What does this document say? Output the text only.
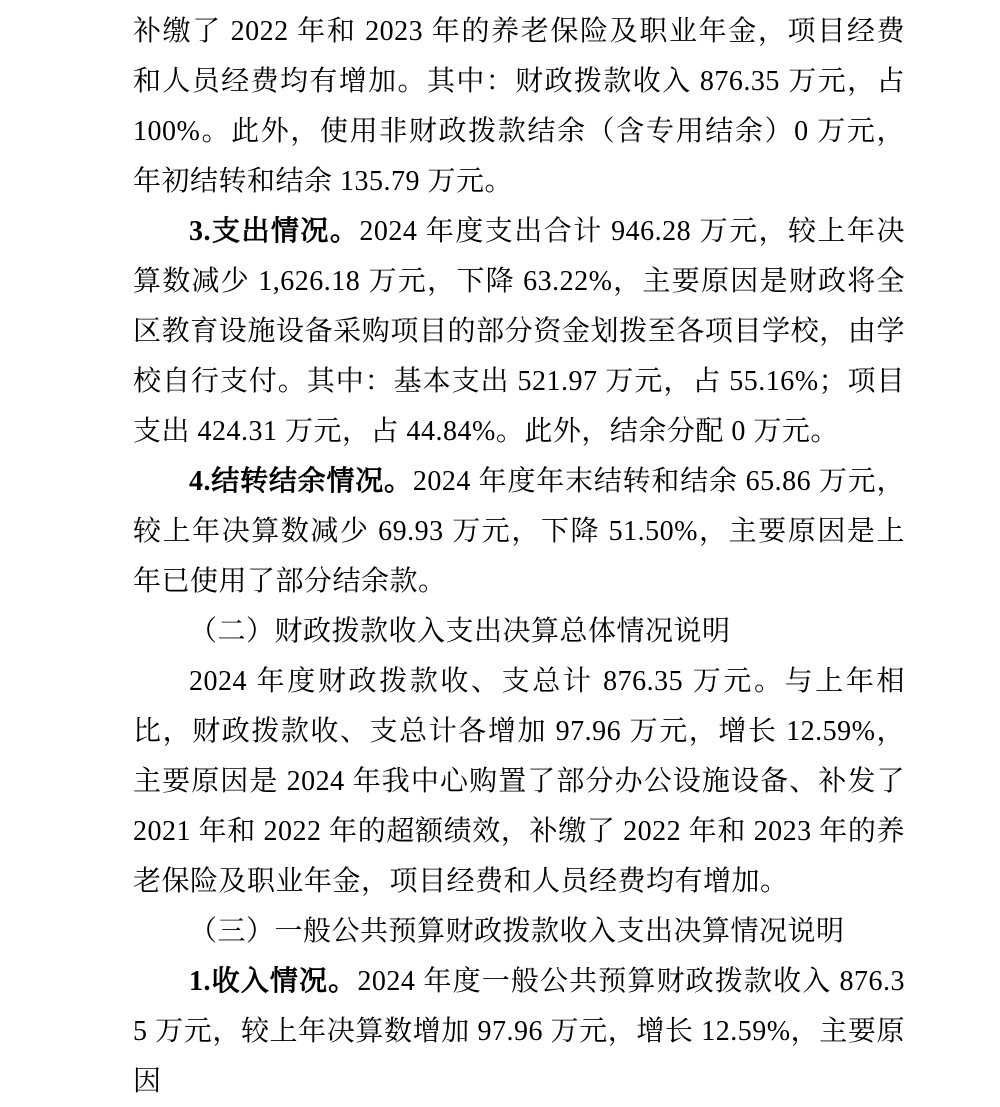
补缴了 2022 年和 2023 年的养老保险及职业年金，项目经费和人员经费均有增加。其中：财政拨款收入 876.35 万元，占 100%。此外，使用非财政拨款结余（含专用结余）0 万元，年初结转和结余 135.79 万元。

3.支出情况。2024 年度支出合计 946.28 万元，较上年决算数减少 1,626.18 万元，下降 63.22%，主要原因是财政将全区教育设施设备采购项目的部分资金划拨至各项目学校，由学校自行支付。其中：基本支出 521.97 万元，占 55.16%；项目支出 424.31 万元，占 44.84%。此外，结余分配 0 万元。

4.结转结余情况。2024 年度年末结转和结余 65.86 万元，较上年决算数减少 69.93 万元，下降 51.50%，主要原因是上年已使用了部分结余款。

（二）财政拨款收入支出决算总体情况说明

2024 年度财政拨款收、支总计 876.35 万元。与上年相比，财政拨款收、支总计各增加 97.96 万元，增长 12.59%，主要原因是 2024 年我中心购置了部分办公设施设备、补发了 2021 年和 2022 年的超额绩效，补缴了 2022 年和 2023 年的养老保险及职业年金，项目经费和人员经费均有增加。

（三）一般公共预算财政拨款收入支出决算情况说明

1.收入情况。2024 年度一般公共预算财政拨款收入 876.35 万元，较上年决算数增加 97.96 万元，增长 12.59%，主要原因
